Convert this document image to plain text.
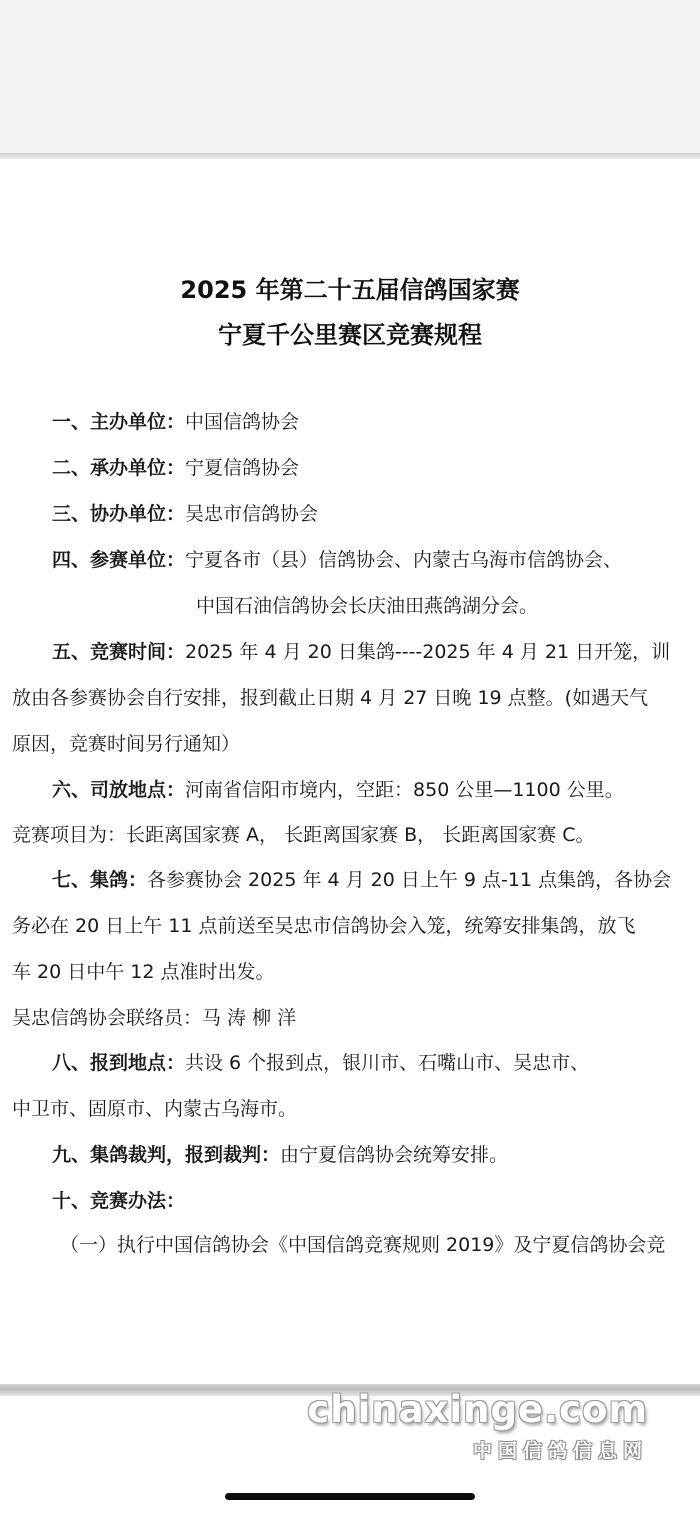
2025 年第二十五届信鸽国家赛
宁夏千公里赛区竞赛规程
一、主办单位：中国信鸽协会
二、承办单位：宁夏信鸽协会
三、协办单位：吴忠市信鸽协会
四、参赛单位：宁夏各市（县）信鸽协会、内蒙古乌海市信鸽协会、
中国石油信鸽协会长庆油田燕鸽湖分会。
五、竞赛时间：2025 年 4 月 20 日集鸽----2025 年 4 月 21 日开笼，训
放由各参赛协会自行安排，报到截止日期 4 月 27 日晚 19 点整。(如遇天气
原因，竞赛时间另行通知）
六、司放地点：河南省信阳市境内，空距：850 公里—1100 公里。
竞赛项目为：长距离国家赛 A， 长距离国家赛 B， 长距离国家赛 C。
七、集鸽：各参赛协会 2025 年 4 月 20 日上午 9 点-11 点集鸽，各协会
务必在 20 日上午 11 点前送至吴忠市信鸽协会入笼，统筹安排集鸽，放飞
车 20 日中午 12 点准时出发。
吴忠信鸽协会联络员：马 涛 柳 洋
八、报到地点：共设 6 个报到点，银川市、石嘴山市、吴忠市、
中卫市、固原市、内蒙古乌海市。
九、集鸽裁判，报到裁判：由宁夏信鸽协会统筹安排。
十、竞赛办法：
（一）执行中国信鸽协会《中国信鸽竞赛规则 2019》及宁夏信鸽协会竞
chinaxinge.com
中国信鸽信息网
